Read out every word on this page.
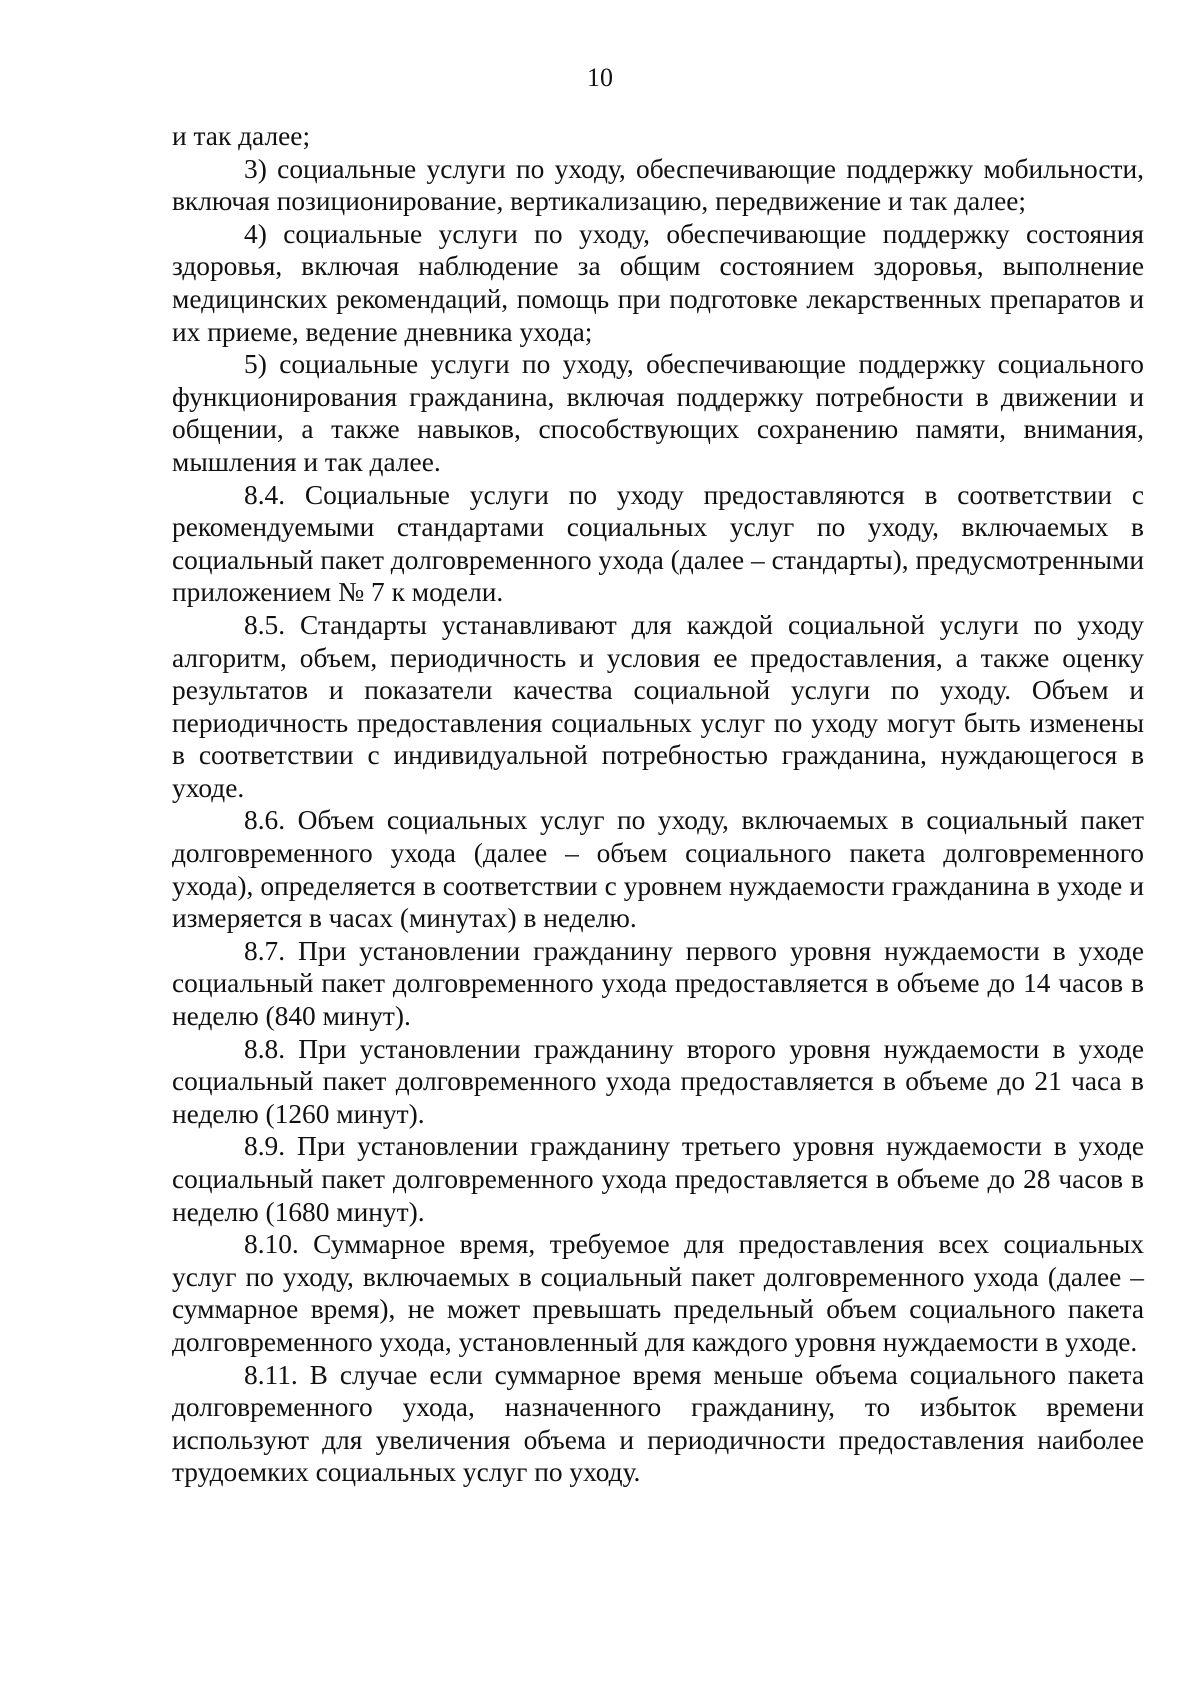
10

и так далее;

3) социальные услуги по уходу, обеспечивающие поддержку мобильности, включая позиционирование, вертикализацию, передвижение и так далее;

4) социальные услуги по уходу, обеспечивающие поддержку состояния здоровья, включая наблюдение за общим состоянием здоровья, выполнение медицинских рекомендаций, помощь при подготовке лекарственных препаратов и их приеме, ведение дневника ухода;

5) социальные услуги по уходу, обеспечивающие поддержку социального функционирования гражданина, включая поддержку потребности в движении и общении, а также навыков, способствующих сохранению памяти, внимания, мышления и так далее.

8.4. Социальные услуги по уходу предоставляются в соответствии с рекомендуемыми стандартами социальных услуг по уходу, включаемых в социальный пакет долговременного ухода (далее – стандарты), предусмотренными приложением № 7 к модели.

8.5. Стандарты устанавливают для каждой социальной услуги по уходу алгоритм, объем, периодичность и условия ее предоставления, а также оценку результатов и показатели качества социальной услуги по уходу. Объем и периодичность предоставления социальных услуг по уходу могут быть изменены в соответствии с индивидуальной потребностью гражданина, нуждающегося в уходе.

8.6. Объем социальных услуг по уходу, включаемых в социальный пакет долговременного ухода (далее – объем социального пакета долговременного ухода), определяется в соответствии с уровнем нуждаемости гражданина в уходе и измеряется в часах (минутах) в неделю.

8.7. При установлении гражданину первого уровня нуждаемости в уходе социальный пакет долговременного ухода предоставляется в объеме до 14 часов в неделю (840 минут).

8.8. При установлении гражданину второго уровня нуждаемости в уходе социальный пакет долговременного ухода предоставляется в объеме до 21 часа в неделю (1260 минут).

8.9. При установлении гражданину третьего уровня нуждаемости в уходе социальный пакет долговременного ухода предоставляется в объеме до 28 часов в неделю (1680 минут).

8.10. Суммарное время, требуемое для предоставления всех социальных услуг по уходу, включаемых в социальный пакет долговременного ухода (далее – суммарное время), не может превышать предельный объем социального пакета долговременного ухода, установленный для каждого уровня нуждаемости в уходе.

8.11. В случае если суммарное время меньше объема социального пакета долговременного ухода, назначенного гражданину, то избыток времени используют для увеличения объема и периодичности предоставления наиболее трудоемких социальных услуг по уходу.
